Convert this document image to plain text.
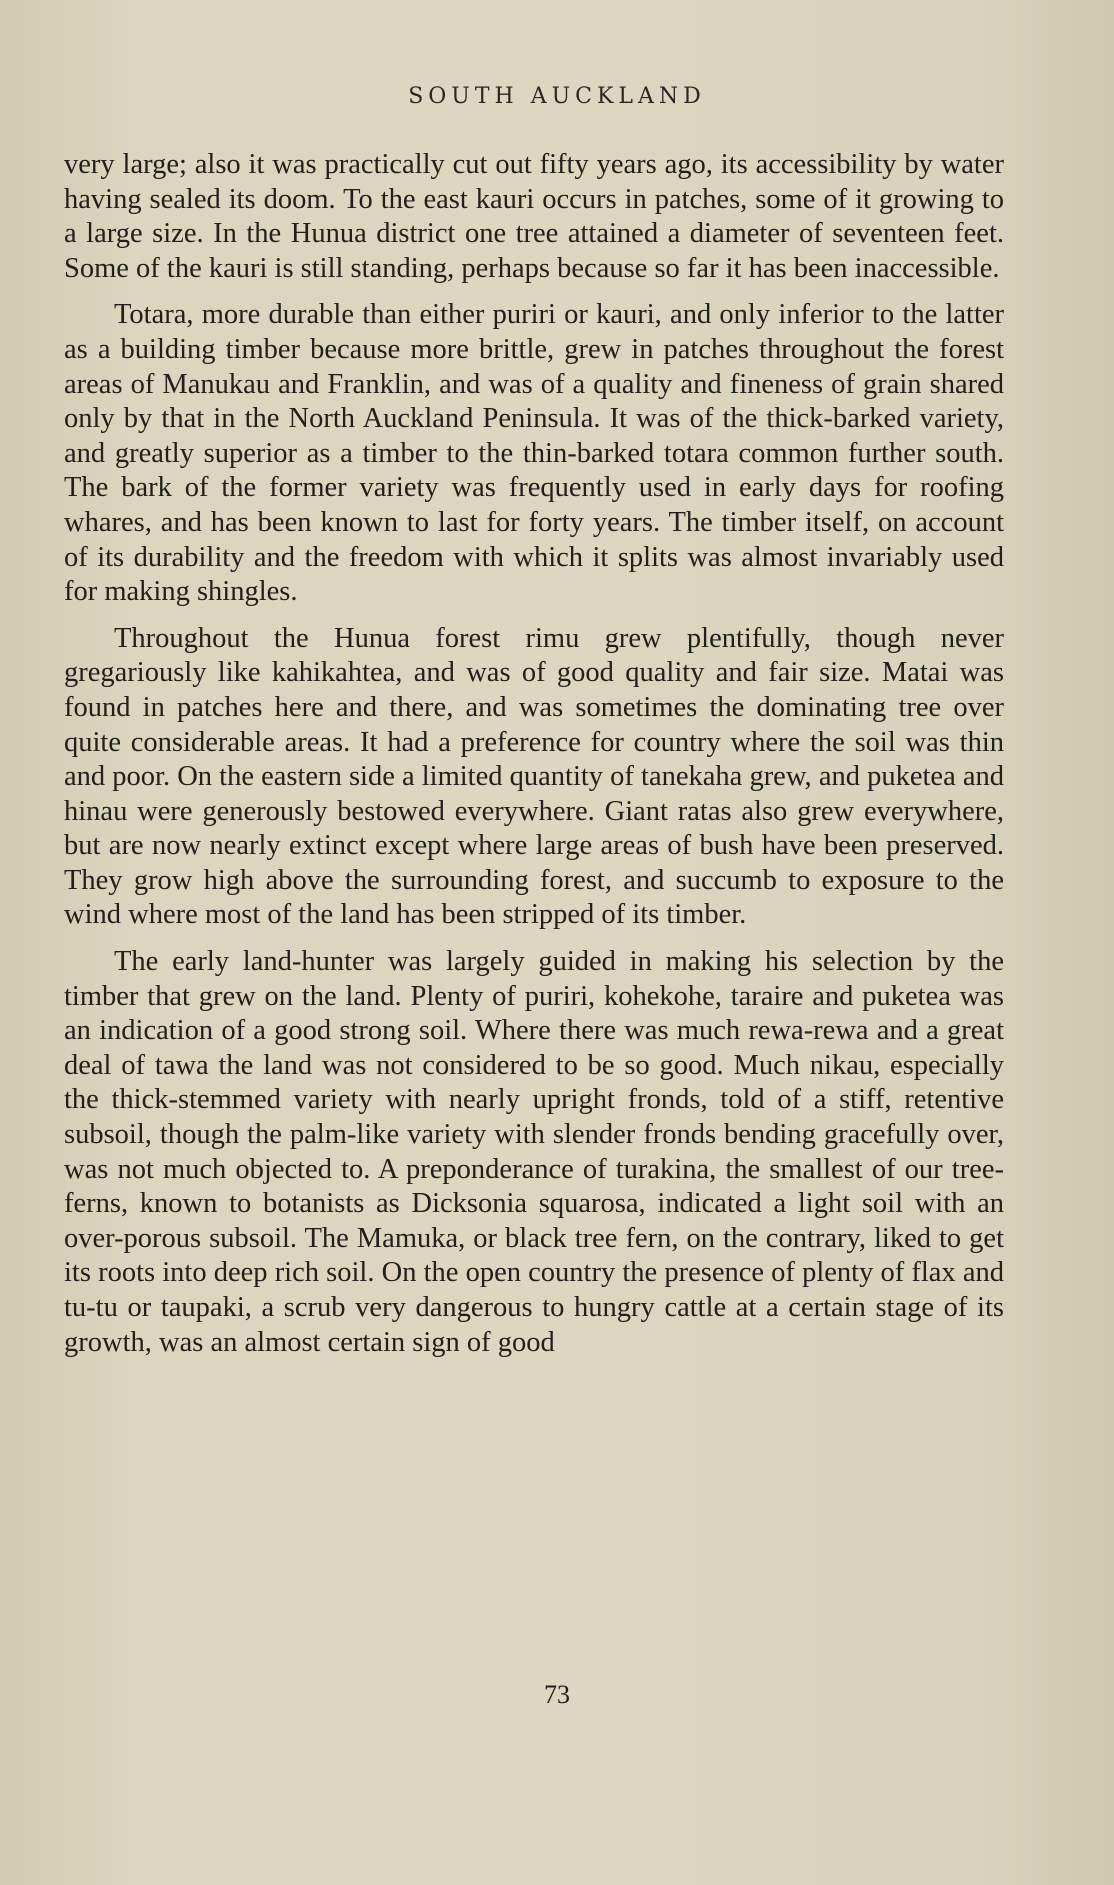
SOUTH AUCKLAND

very large; also it was practically cut out fifty years ago, its accessibility by water having sealed its doom. To the east kauri occurs in patches, some of it growing to a large size. In the Hunua district one tree attained a diameter of seventeen feet. Some of the kauri is still standing, perhaps because so far it has been inaccessible.

Totara, more durable than either puriri or kauri, and only inferior to the latter as a building timber because more brittle, grew in patches throughout the forest areas of Manukau and Franklin, and was of a quality and fineness of grain shared only by that in the North Auckland Peninsula. It was of the thick-barked variety, and greatly superior as a timber to the thin-barked totara common further south. The bark of the former variety was frequently used in early days for roofing whares, and has been known to last for forty years. The timber itself, on account of its durability and the freedom with which it splits was almost invariably used for making shingles.

Throughout the Hunua forest rimu grew plentifully, though never gregariously like kahikahtea, and was of good quality and fair size. Matai was found in patches here and there, and was sometimes the dominating tree over quite considerable areas. It had a preference for country where the soil was thin and poor. On the eastern side a limited quantity of tanekaha grew, and puketea and hinau were generously bestowed everywhere. Giant ratas also grew everywhere, but are now nearly extinct except where large areas of bush have been preserved. They grow high above the surrounding forest, and succumb to exposure to the wind where most of the land has been stripped of its timber.

The early land-hunter was largely guided in making his selection by the timber that grew on the land. Plenty of puriri, kohekohe, taraire and puketea was an indication of a good strong soil. Where there was much rewa-rewa and a great deal of tawa the land was not considered to be so good. Much nikau, especially the thick-stemmed variety with nearly upright fronds, told of a stiff, retentive subsoil, though the palm-like variety with slender fronds bending gracefully over, was not much objected to. A preponderance of turakina, the smallest of our tree-ferns, known to botanists as Dicksonia squarosa, indicated a light soil with an over-porous subsoil. The Mamuka, or black tree fern, on the contrary, liked to get its roots into deep rich soil. On the open country the presence of plenty of flax and tu-tu or taupaki, a scrub very dangerous to hungry cattle at a certain stage of its growth, was an almost certain sign of good

73
